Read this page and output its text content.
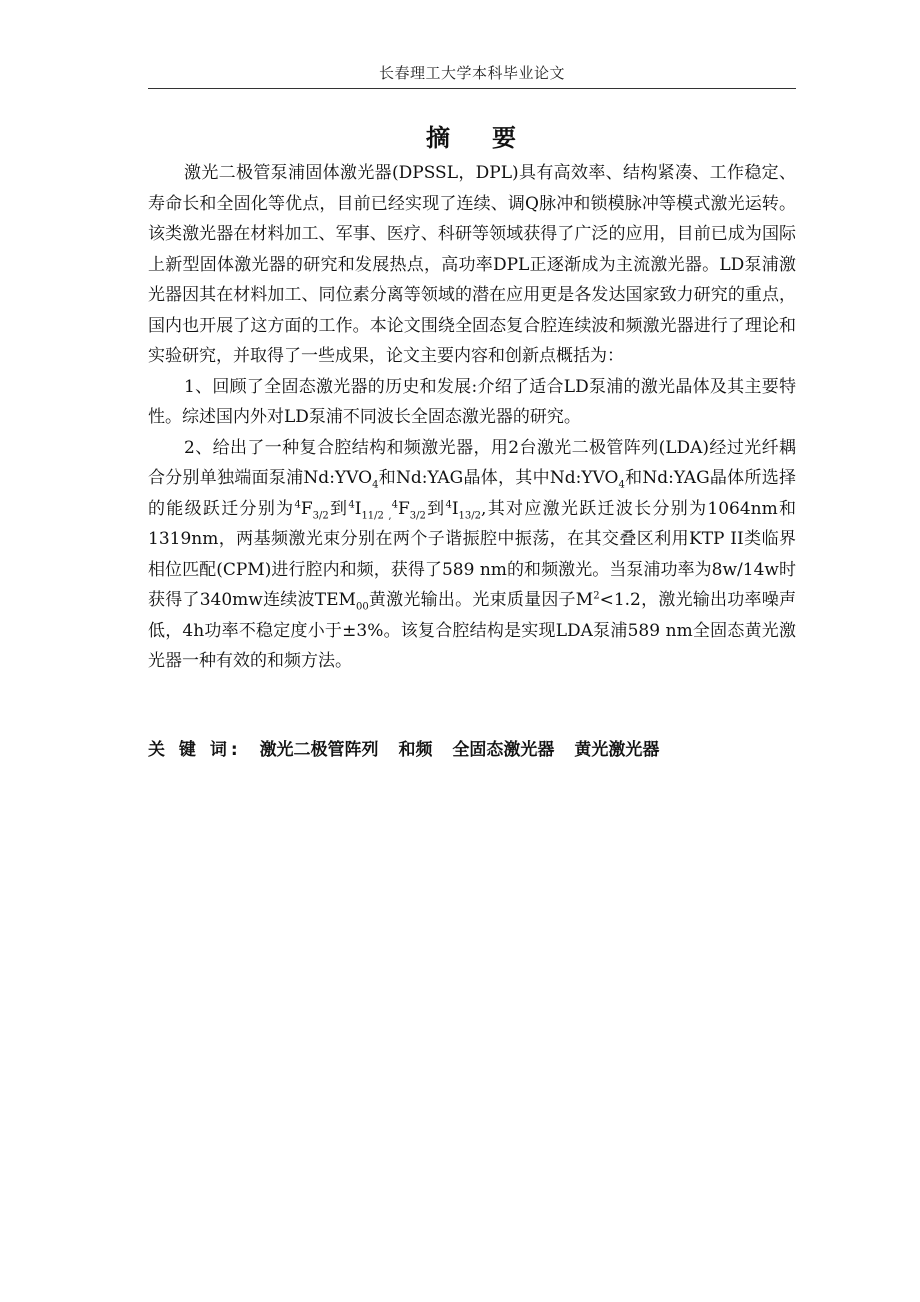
长春理工大学本科毕业论文
摘 要

激光二极管泵浦固体激光器(DPSSL，DPL)具有高效率、结构紧凑、工作稳定、寿命长和全固化等优点，目前已经实现了连续、调Q脉冲和锁模脉冲等模式激光运转。该类激光器在材料加工、军事、医疗、科研等领域获得了广泛的应用，目前已成为国际上新型固体激光器的研究和发展热点，高功率DPL正逐渐成为主流激光器。LD泵浦激光器因其在材料加工、同位素分离等领域的潜在应用更是各发达国家致力研究的重点，国内也开展了这方面的工作。本论文围绕全固态复合腔连续波和频激光器进行了理论和实验研究，并取得了一些成果，论文主要内容和创新点概括为：

1、回顾了全固态激光器的历史和发展:介绍了适合LD泵浦的激光晶体及其主要特性。综述国内外对LD泵浦不同波长全固态激光器的研究。

2、给出了一种复合腔结构和频激光器，用2台激光二极管阵列(LDA)经过光纤耦合分别单独端面泵浦$Nd:YVO_4$和Nd:YAG晶体，其中$Nd:YVO_4$和Nd:YAG晶体所选择的能级跃迁分别为$^4F_{3/2}$到$^4I_{11/2 ,}^4F_{3/2}$到$^4I_{13/2}$,其对应激光跃迁波长分别为1064nm和1319nm，两基频激光束分别在两个子谐振腔中振荡，在其交叠区利用KTP II类临界相位匹配(CPM)进行腔内和频，获得了589 nm的和频激光。当泵浦功率为8w/14w时获得了340mw连续波$TEM_{00}$黄激光输出。光束质量因子$M^2<1.2$，激光输出功率噪声低，4h功率不稳定度小于±3%。该复合腔结构是实现LDA泵浦589 nm全固态黄光激光器一种有效的和频方法。

关 键 词: 激光二极管阵列 和频 全固态激光器 黄光激光器
